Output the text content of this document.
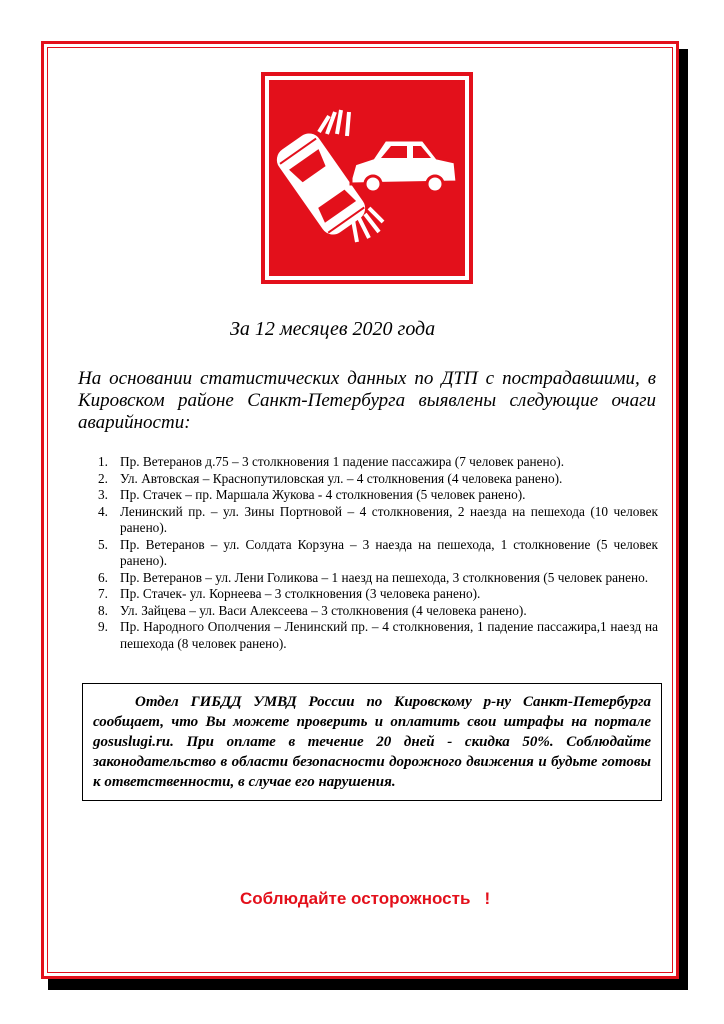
За 12 месяцев 2020 года
На основании статистических данных по ДТП с пострадавшими, в Кировском районе Санкт-Петербурга выявлены следующие очаги аварийности:
1. Пр. Ветеранов д.75 – 3 столкновения 1 падение пассажира (7 человек ранено).
2. Ул. Автовская – Краснопутиловская ул. – 4 столкновения (4 человека ранено).
3. Пр. Стачек – пр. Маршала Жукова - 4 столкновения (5 человек ранено).
4. Ленинский пр. – ул. Зины Портновой – 4 столкновения, 2 наезда на пешехода (10 человек ранено).
5. Пр. Ветеранов – ул. Солдата Корзуна – 3 наезда на пешехода, 1 столкновение (5 человек ранено).
6. Пр. Ветеранов – ул. Лени Голикова – 1 наезд на пешехода, 3 столкновения (5 человек ранено.
7. Пр. Стачек- ул. Корнеева – 3 столкновения (3 человека ранено).
8. Ул. Зайцева – ул. Васи Алексеева – 3 столкновения (4 человека ранено).
9. Пр. Народного Ополчения – Ленинский пр. – 4 столкновения, 1 падение пассажира,1 наезд на пешехода (8 человек ранено).
Отдел ГИБДД УМВД России по Кировскому р-ну Санкт-Петербурга сообщает, что Вы можете проверить и оплатить свои штрафы на портале gosuslugi.ru. При оплате в течение 20 дней - скидка 50%. Соблюдайте законодательство в области безопасности дорожного движения и будьте готовы к ответственности, в случае его нарушения.
Соблюдайте осторожность   !
